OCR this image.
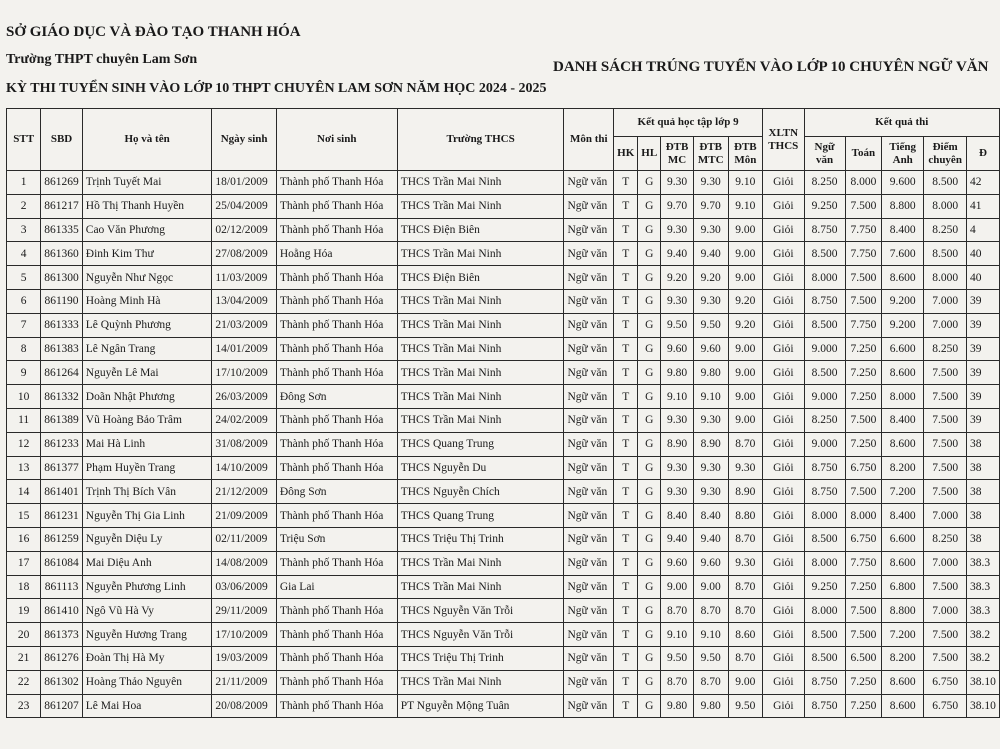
SỞ GIÁO DỤC VÀ ĐÀO TẠO THANH HÓA
Trường THPT chuyên Lam Sơn
KỲ THI TUYỂN SINH VÀO LỚP 10 THPT CHUYÊN LAM SƠN NĂM HỌC 2024 - 2025
DANH SÁCH TRÚNG TUYỂN VÀO LỚP 10 CHUYÊN NGỮ VĂN
STT	SBD	Họ và tên	Ngày sinh	Nơi sinh	Trường THCS	Môn thi	Kết quả học tập lớp 9					XLTN THCS	Kết quả thi				
							HK	HL	ĐTB MC	ĐTB MTC	ĐTB Môn		Ngữ văn	Toán	Tiếng Anh	Điểm chuyên	Đ
1	861269	Trịnh Tuyết Mai	18/01/2009	Thành phố Thanh Hóa	THCS Trần Mai Ninh	Ngữ văn	T	G	9.30	9.30	9.10	Giỏi	8.250	8.000	9.600	8.500	42
2	861217	Hồ Thị Thanh Huyền	25/04/2009	Thành phố Thanh Hóa	THCS Trần Mai Ninh	Ngữ văn	T	G	9.70	9.70	9.10	Giỏi	9.250	7.500	8.800	8.000	41
3	861335	Cao Văn Phương	02/12/2009	Thành phố Thanh Hóa	THCS Điện Biên	Ngữ văn	T	G	9.30	9.30	9.00	Giỏi	8.750	7.750	8.400	8.250	4
4	861360	Đinh Kim Thư	27/08/2009	Hoằng Hóa	THCS Trần Mai Ninh	Ngữ văn	T	G	9.40	9.40	9.00	Giỏi	8.500	7.750	7.600	8.500	40
5	861300	Nguyễn Như Ngọc	11/03/2009	Thành phố Thanh Hóa	THCS Điện Biên	Ngữ văn	T	G	9.20	9.20	9.00	Giỏi	8.000	7.500	8.600	8.000	40
6	861190	Hoàng Minh Hà	13/04/2009	Thành phố Thanh Hóa	THCS Trần Mai Ninh	Ngữ văn	T	G	9.30	9.30	9.20	Giỏi	8.750	7.500	9.200	7.000	39
7	861333	Lê Quỳnh Phương	21/03/2009	Thành phố Thanh Hóa	THCS Trần Mai Ninh	Ngữ văn	T	G	9.50	9.50	9.20	Giỏi	8.500	7.750	9.200	7.000	39
8	861383	Lê Ngân Trang	14/01/2009	Thành phố Thanh Hóa	THCS Trần Mai Ninh	Ngữ văn	T	G	9.60	9.60	9.00	Giỏi	9.000	7.250	6.600	8.250	39
9	861264	Nguyễn Lê Mai	17/10/2009	Thành phố Thanh Hóa	THCS Trần Mai Ninh	Ngữ văn	T	G	9.80	9.80	9.00	Giỏi	8.500	7.250	8.600	7.500	39
10	861332	Doãn Nhật Phương	26/03/2009	Đông Sơn	THCS Trần Mai Ninh	Ngữ văn	T	G	9.10	9.10	9.00	Giỏi	9.000	7.250	8.000	7.500	39
11	861389	Vũ Hoàng Bảo Trâm	24/02/2009	Thành phố Thanh Hóa	THCS Trần Mai Ninh	Ngữ văn	T	G	9.30	9.30	9.00	Giỏi	8.250	7.500	8.400	7.500	39
12	861233	Mai Hà Linh	31/08/2009	Thành phố Thanh Hóa	THCS Quang Trung	Ngữ văn	T	G	8.90	8.90	8.70	Giỏi	9.000	7.250	8.600	7.500	38
13	861377	Phạm Huyền Trang	14/10/2009	Thành phố Thanh Hóa	THCS Nguyễn Du	Ngữ văn	T	G	9.30	9.30	9.30	Giỏi	8.750	6.750	8.200	7.500	38
14	861401	Trịnh Thị Bích Vân	21/12/2009	Đông Sơn	THCS Nguyễn Chích	Ngữ văn	T	G	9.30	9.30	8.90	Giỏi	8.750	7.500	7.200	7.500	38
15	861231	Nguyễn Thị Gia Linh	21/09/2009	Thành phố Thanh Hóa	THCS Quang Trung	Ngữ văn	T	G	8.40	8.40	8.80	Giỏi	8.000	8.000	8.400	7.000	38
16	861259	Nguyễn Diệu Ly	02/11/2009	Triệu Sơn	THCS Triệu Thị Trinh	Ngữ văn	T	G	9.40	9.40	8.70	Giỏi	8.500	6.750	6.600	8.250	38
17	861084	Mai Diệu Anh	14/08/2009	Thành phố Thanh Hóa	THCS Trần Mai Ninh	Ngữ văn	T	G	9.60	9.60	9.30	Giỏi	8.000	7.750	8.600	7.000	38.3
18	861113	Nguyễn Phương Linh	03/06/2009	Gia Lai	THCS Trần Mai Ninh	Ngữ văn	T	G	9.00	9.00	8.70	Giỏi	9.250	7.250	6.800	7.500	38.3
19	861410	Ngô Vũ Hà Vy	29/11/2009	Thành phố Thanh Hóa	THCS Nguyễn Văn Trỗi	Ngữ văn	T	G	8.70	8.70	8.70	Giỏi	8.000	7.500	8.800	7.000	38.3
20	861373	Nguyễn Hương Trang	17/10/2009	Thành phố Thanh Hóa	THCS Nguyễn Văn Trỗi	Ngữ văn	T	G	9.10	9.10	8.60	Giỏi	8.500	7.500	7.200	7.500	38.2
21	861276	Đoàn Thị Hà My	19/03/2009	Thành phố Thanh Hóa	THCS Triệu Thị Trinh	Ngữ văn	T	G	9.50	9.50	8.70	Giỏi	8.500	6.500	8.200	7.500	38.2
22	861302	Hoàng Thảo Nguyên	21/11/2009	Thành phố Thanh Hóa	THCS Trần Mai Ninh	Ngữ văn	T	G	8.70	8.70	9.00	Giỏi	8.750	7.250	8.600	6.750	38.10
23	861207	Lê Mai Hoa	20/08/2009	Thành phố Thanh Hóa	PT Nguyễn Mộng Tuân	Ngữ văn	T	G	9.80	9.80	9.50	Giỏi	8.750	7.250	8.600	6.750	38.10
